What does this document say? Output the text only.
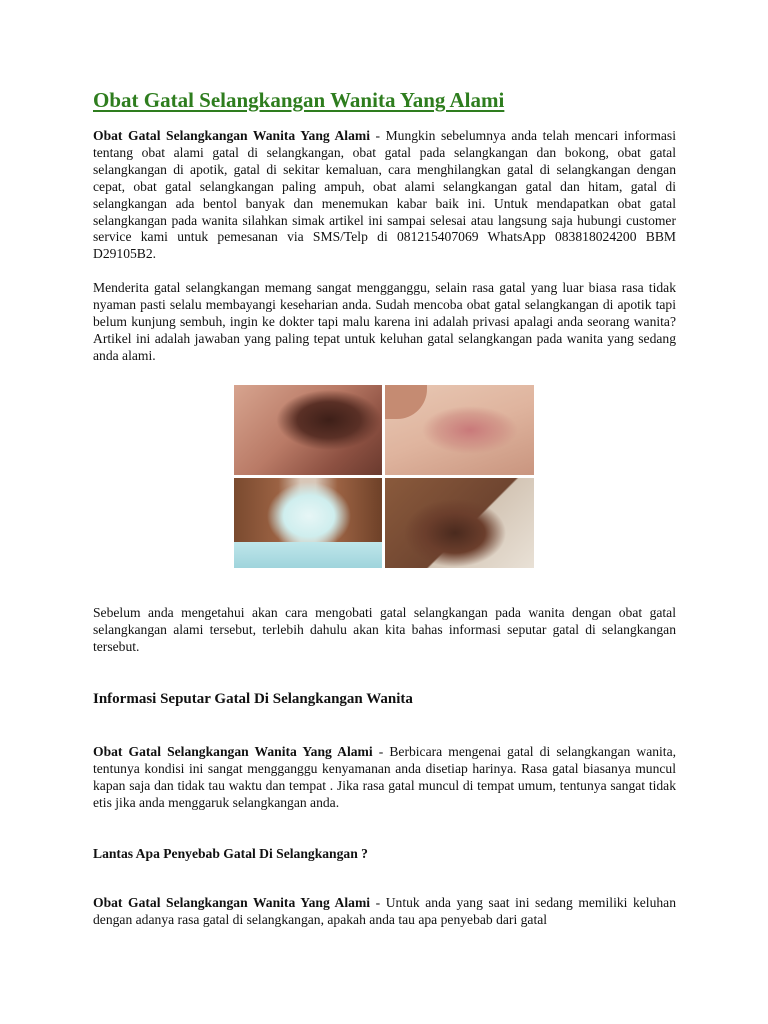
Obat Gatal Selangkangan Wanita Yang Alami

Obat Gatal Selangkangan Wanita Yang Alami - Mungkin sebelumnya anda telah mencari informasi tentang obat alami gatal di selangkangan, obat gatal pada selangkangan dan bokong, obat gatal selangkangan di apotik, gatal di sekitar kemaluan, cara menghilangkan gatal di selangkangan dengan cepat, obat gatal selangkangan paling ampuh, obat alami selangkangan gatal dan hitam, gatal di selangkangan ada bentol banyak dan menemukan kabar baik ini. Untuk mendapatkan obat gatal selangkangan pada wanita silahkan simak artikel ini sampai selesai atau langsung saja hubungi customer service kami untuk pemesanan via SMS/Telp di 081215407069 WhatsApp 083818024200 BBM D29105B2.

Menderita gatal selangkangan memang sangat mengganggu, selain rasa gatal yang luar biasa rasa tidak nyaman pasti selalu membayangi keseharian anda. Sudah mencoba obat gatal selangkangan di apotik tapi belum kunjung sembuh, ingin ke dokter tapi malu karena ini adalah privasi apalagi anda seorang wanita? Artikel ini adalah jawaban yang paling tepat untuk keluhan gatal selangkangan pada wanita yang sedang anda alami.

Sebelum anda mengetahui akan cara mengobati gatal selangkangan pada wanita dengan obat gatal selangkangan alami tersebut, terlebih dahulu akan kita bahas informasi seputar gatal di selangkangan tersebut.

Informasi Seputar Gatal Di Selangkangan Wanita

Obat Gatal Selangkangan Wanita Yang Alami - Berbicara mengenai gatal di selangkangan wanita, tentunya kondisi ini sangat mengganggu kenyamanan anda disetiap harinya. Rasa gatal biasanya muncul kapan saja dan tidak tau waktu dan tempat . Jika rasa gatal muncul di tempat umum, tentunya sangat tidak etis jika anda menggaruk selangkangan anda.

Lantas Apa Penyebab Gatal Di Selangkangan ?

Obat Gatal Selangkangan Wanita Yang Alami - Untuk anda yang saat ini sedang memiliki keluhan dengan adanya rasa gatal di selangkangan, apakah anda tau apa penyebab dari gatal
